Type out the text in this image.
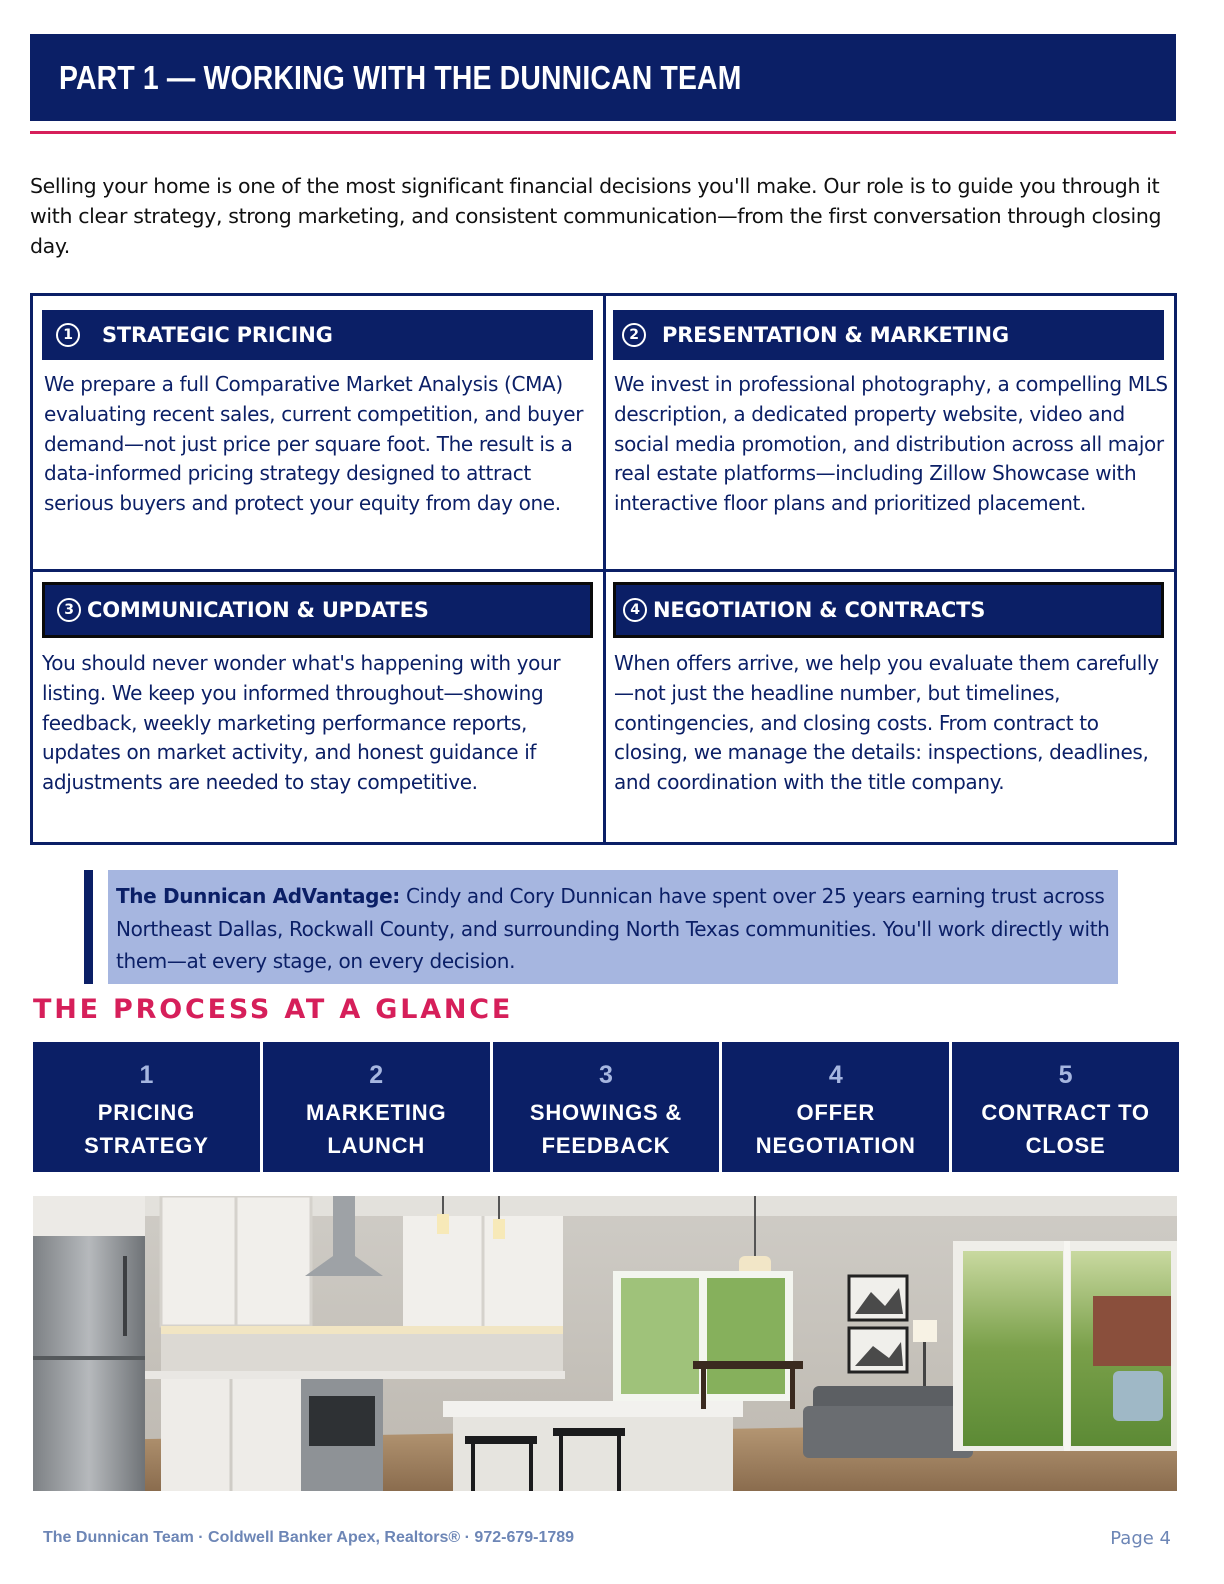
PART 1 — WORKING WITH THE DUNNICAN TEAM

Selling your home is one of the most significant financial decisions you'll make. Our role is to guide you through it with clear strategy, strong marketing, and consistent communication—from the first conversation through closing day.

1	STRATEGIC PRICING
We prepare a full Comparative Market Analysis (CMA) evaluating recent sales, current competition, and buyer demand—not just price per square foot. The result is a data-informed pricing strategy designed to attract serious buyers and protect your equity from day one.
2	PRESENTATION & MARKETING
We invest in professional photography, a compelling MLS description, a dedicated property website, video and social media promotion, and distribution across all major real estate platforms—including Zillow Showcase with interactive floor plans and prioritized placement.
3 COMMUNICATION & UPDATES
You should never wonder what's happening with your listing. We keep you informed throughout—showing feedback, weekly marketing performance reports, updates on market activity, and honest guidance if adjustments are needed to stay competitive.
4 NEGOTIATION & CONTRACTS
When offers arrive, we help you evaluate them carefully—not just the headline number, but timelines, contingencies, and closing costs. From contract to closing, we manage the details: inspections, deadlines, and coordination with the title company.
The Dunnican AdVantage: Cindy and Cory Dunnican have spent over 25 years earning trust across Northeast Dallas, Rockwall County, and surrounding North Texas communities. You'll work directly with them—at every stage, on every decision.
THE PROCESS AT A GLANCE
1
PRICING STRATEGY
2
MARKETING LAUNCH
3
SHOWINGS & FEEDBACK
4
OFFER NEGOTIATION
5
CONTRACT TO CLOSE
The Dunnican Team · Coldwell Banker Apex, Realtors® · 972-679-1789	Page 4
